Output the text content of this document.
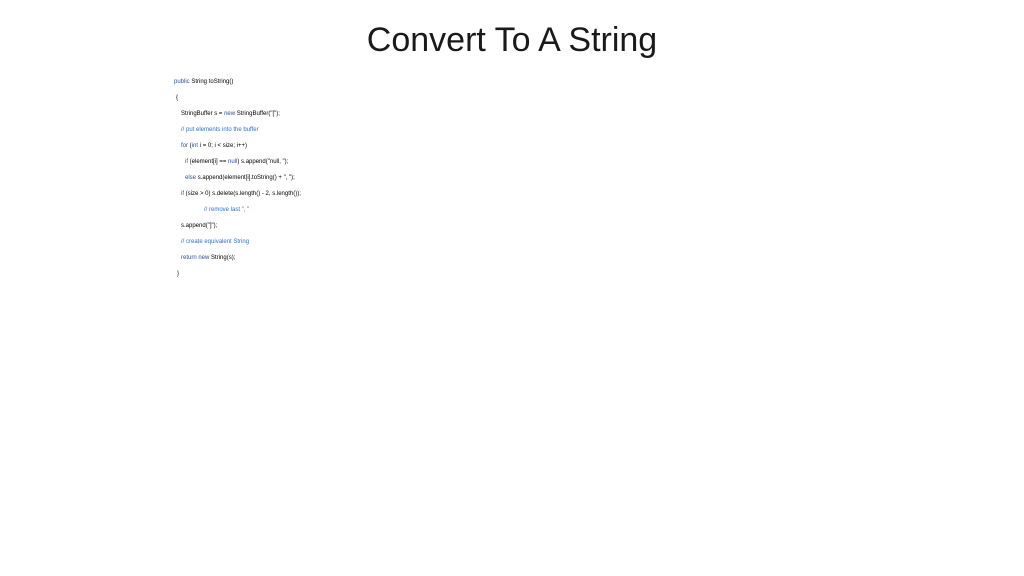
Convert To A String
public String toString()
{
StringBuffer s = new StringBuffer("[");
// put elements into the buffer
for (int i = 0; i < size; i++)
if (element[i] == null) s.append("null, ");
else s.append(element[i].toString() + ", ");
if (size > 0) s.delete(s.length() - 2, s.length());
// remove last ", "
s.append("]");
// create equivalent String
return new String(s);
}
